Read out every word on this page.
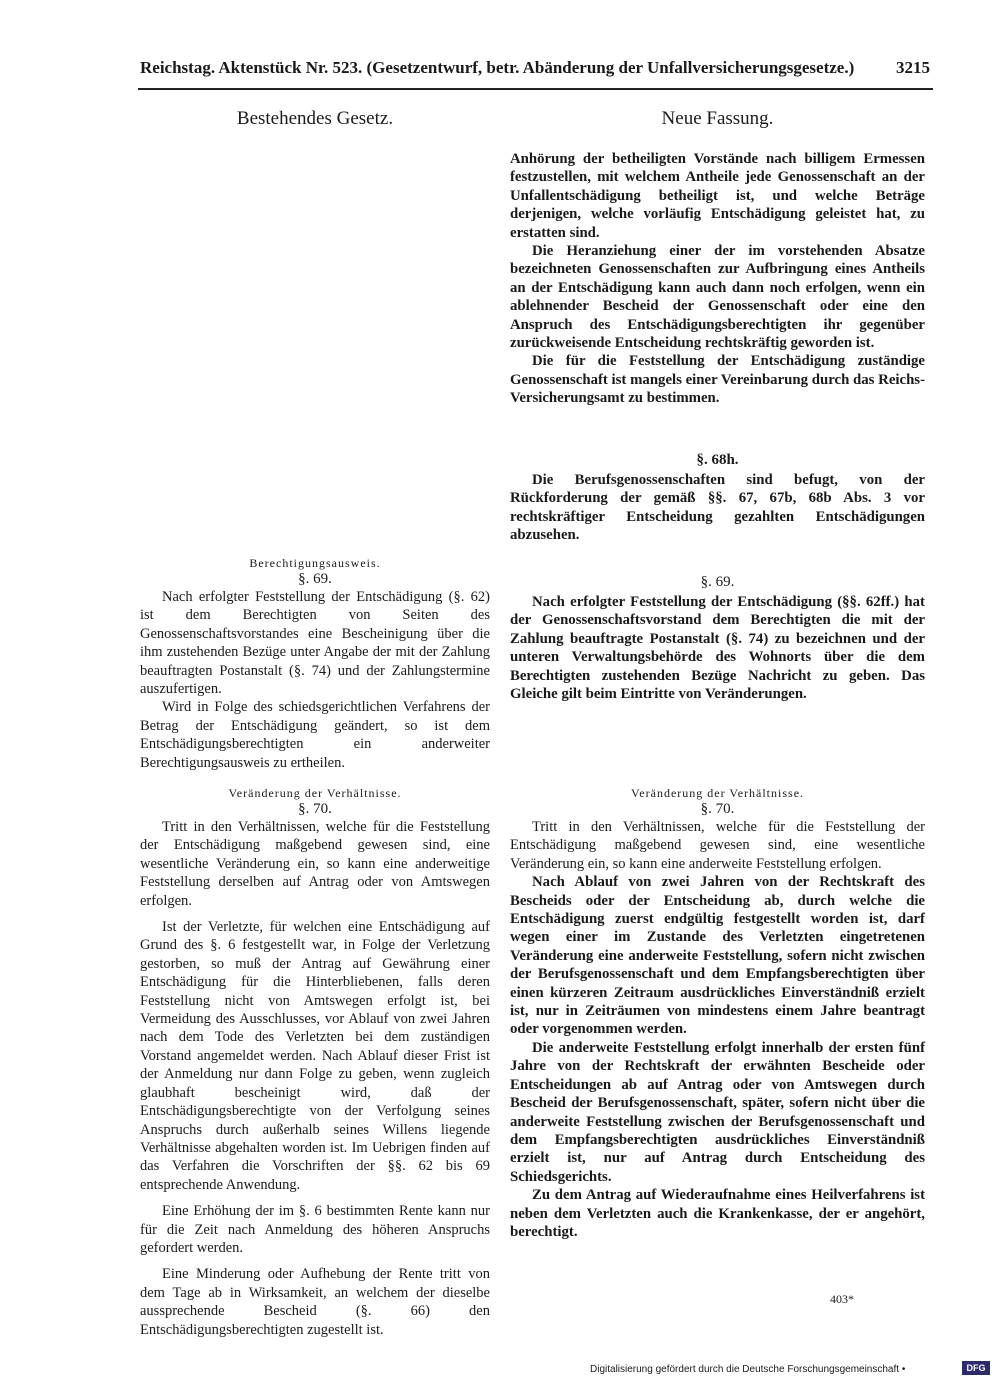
Reichstag. Aktenstück Nr. 523. (Gesetzentwurf, betr. Abänderung der Unfallversicherungsgesetze.) 3215
Bestehendes Gesetz.	Neue Fassung.

Anhörung der betheiligten Vorstände nach billigem Ermessen festzustellen, mit welchem Antheile jede Genossenschaft an der Unfallentschädigung betheiligt ist, und welche Beträge derjenigen, welche vorläufig Entschädigung geleistet hat, zu erstatten sind.

Die Heranziehung einer der im vorstehenden Absatze bezeichneten Genossenschaften zur Aufbringung eines Antheils an der Entschädigung kann auch dann noch erfolgen, wenn ein ablehnender Bescheid der Genossenschaft oder eine den Anspruch des Entschädigungsberechtigten ihr gegenüber zurückweisende Entscheidung rechtskräftig geworden ist.

Die für die Feststellung der Entschädigung zuständige Genossenschaft ist mangels einer Vereinbarung durch das Reichs-Versicherungsamt zu bestimmen.

§. 68h.

Die Berufsgenossenschaften sind befugt, von der Rückforderung der gemäß §§. 67, 67b, 68b Abs. 3 vor rechtskräftiger Entscheidung gezahlten Entschädigungen abzusehen.

§. 69.

Nach erfolgter Feststellung der Entschädigung (§§. 62ff.) hat der Genossenschaftsvorstand dem Berechtigten die mit der Zahlung beauftragte Postanstalt (§. 74) zu bezeichnen und der unteren Verwaltungsbehörde des Wohnorts über die dem Berechtigten zustehenden Bezüge Nachricht zu geben. Das Gleiche gilt beim Eintritte von Veränderungen.

Veränderung der Verhältnisse.
§. 70.

Tritt in den Verhältnissen, welche für die Feststellung der Entschädigung maßgebend gewesen sind, eine wesentliche Veränderung ein, so kann eine anderweite Feststellung erfolgen.

Nach Ablauf von zwei Jahren von der Rechtskraft des Bescheids oder der Entscheidung ab, durch welche die Entschädigung zuerst endgültig festgestellt worden ist, darf wegen einer im Zustande des Verletzten eingetretenen Veränderung eine anderweite Feststellung, sofern nicht zwischen der Berufsgenossenschaft und dem Empfangsberechtigten über einen kürzeren Zeitraum ausdrückliches Einverständniß erzielt ist, nur in Zeiträumen von mindestens einem Jahre beantragt oder vorgenommen werden.

Die anderweite Feststellung erfolgt innerhalb der ersten fünf Jahre von der Rechtskraft der erwähnten Bescheide oder Entscheidungen ab auf Antrag oder von Amtswegen durch Bescheid der Berufsgenossenschaft, später, sofern nicht über die anderweite Feststellung zwischen der Berufsgenossenschaft und dem Empfangsberechtigten ausdrückliches Einverständniß erzielt ist, nur auf Antrag durch Entscheidung des Schiedsgerichts.

Zu dem Antrag auf Wiederaufnahme eines Heilverfahrens ist neben dem Verletzten auch die Krankenkasse, der er angehört, berechtigt.

Berechtigungsausweis.
§. 69.

Nach erfolgter Feststellung der Entschädigung (§. 62) ist dem Berechtigten von Seiten des Genossenschaftsvorstandes eine Bescheinigung über die ihm zustehenden Bezüge unter Angabe der mit der Zahlung beauftragten Postanstalt (§. 74) und der Zahlungstermine auszufertigen.

Wird in Folge des schiedsgerichtlichen Verfahrens der Betrag der Entschädigung geändert, so ist dem Entschädigungsberechtigten ein anderweiter Berechtigungsausweis zu ertheilen.

Veränderung der Verhältnisse.
§. 70.

Tritt in den Verhältnissen, welche für die Feststellung der Entschädigung maßgebend gewesen sind, eine wesentliche Veränderung ein, so kann eine anderweitige Feststellung derselben auf Antrag oder von Amtswegen erfolgen.

Ist der Verletzte, für welchen eine Entschädigung auf Grund des §. 6 festgestellt war, in Folge der Verletzung gestorben, so muß der Antrag auf Gewährung einer Entschädigung für die Hinterbliebenen, falls deren Feststellung nicht von Amtswegen erfolgt ist, bei Vermeidung des Ausschlusses, vor Ablauf von zwei Jahren nach dem Tode des Verletzten bei dem zuständigen Vorstand angemeldet werden. Nach Ablauf dieser Frist ist der Anmeldung nur dann Folge zu geben, wenn zugleich glaubhaft bescheinigt wird, daß der Entschädigungsberechtigte von der Verfolgung seines Anspruchs durch außerhalb seines Willens liegende Verhältnisse abgehalten worden ist. Im Uebrigen finden auf das Verfahren die Vorschriften der §§. 62 bis 69 entsprechende Anwendung.

Eine Erhöhung der im §. 6 bestimmten Rente kann nur für die Zeit nach Anmeldung des höheren Anspruchs gefordert werden.

Eine Minderung oder Aufhebung der Rente tritt von dem Tage ab in Wirksamkeit, an welchem der dieselbe aussprechende Bescheid (§. 66) den Entschädigungsberechtigten zugestellt ist.

403*
Digitalisierung gefördert durch die Deutsche Forschungsgemeinschaft •	DFG
